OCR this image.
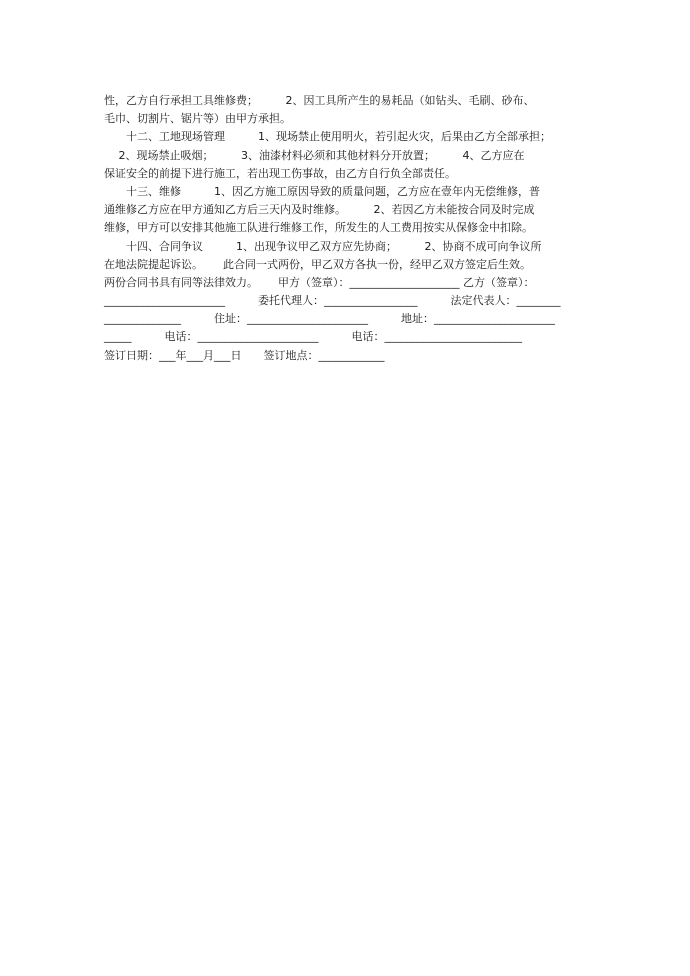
性，乙方自行承担工具维修费；　　　2、因工具所产生的易耗品（如钻头、毛刷、砂布、
毛巾、切割片、锯片等）由甲方承担。
　　十二、工地现场管理　　　1、现场禁止使用明火，若引起火灾，后果由乙方全部承担；
　 2、现场禁止吸烟；　　　3、油漆材料必须和其他材料分开放置；　　　4、乙方应在
保证安全的前提下进行施工，若出现工伤事故，由乙方自行负全部责任。
　　十三、维修　　　1、因乙方施工原因导致的质量问题，乙方应在壹年内无偿维修，普
通维修乙方应在甲方通知乙方后三天内及时维修。　　　2、若因乙方未能按合同及时完成
维修，甲方可以安排其他施工队进行维修工作，所发生的人工费用按实从保修金中扣除。
　　十四、合同争议　　　1、出现争议甲乙双方应先协商；　　　2、协商不成可向争议所
在地法院提起诉讼。　　 此合同一式两份，甲乙双方各执一份，经甲乙双方签定后生效。
两份合同书具有同等法律效力。　　 甲方（签章）：____________________ 乙方（签章）：
______________________　　　委托代理人：_________________　　　法定代表人：________
______________　　　住址：______________________　　　地址：______________________
_____　　　电话：______________________　　　电话：_________________________
签订日期：___年___月___日　　签订地点：____________
